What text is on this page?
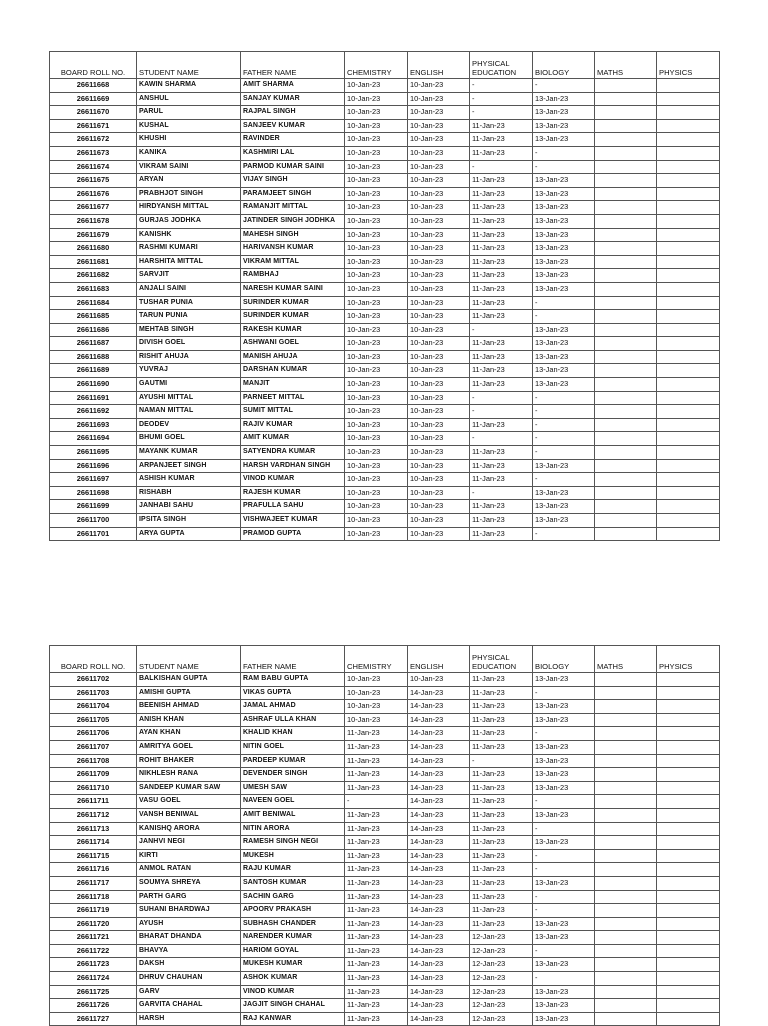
BOARD ROLL NO.	STUDENT NAME	FATHER NAME	CHEMISTRY	ENGLISH	PHYSICAL EDUCATION	BIOLOGY	MATHS	PHYSICS
26611668	KAWIN SHARMA	AMIT SHARMA	10-Jan-23	10-Jan-23	-	-		
26611669	ANSHUL	SANJAY KUMAR	10-Jan-23	10-Jan-23	-	13-Jan-23		
26611670	PARUL	RAJPAL SINGH	10-Jan-23	10-Jan-23	-	13-Jan-23		
26611671	KUSHAL	SANJEEV KUMAR	10-Jan-23	10-Jan-23	11-Jan-23	13-Jan-23		
26611672	KHUSHI	RAVINDER	10-Jan-23	10-Jan-23	11-Jan-23	13-Jan-23		
26611673	KANIKA	KASHMIRI LAL	10-Jan-23	10-Jan-23	11-Jan-23	-		
26611674	VIKRAM SAINI	PARMOD KUMAR SAINI	10-Jan-23	10-Jan-23	-	-		
26611675	ARYAN	VIJAY SINGH	10-Jan-23	10-Jan-23	11-Jan-23	13-Jan-23		
26611676	PRABHJOT SINGH	PARAMJEET SINGH	10-Jan-23	10-Jan-23	11-Jan-23	13-Jan-23		
26611677	HIRDYANSH MITTAL	RAMANJIT MITTAL	10-Jan-23	10-Jan-23	11-Jan-23	13-Jan-23		
26611678	GURJAS JODHKA	JATINDER SINGH JODHKA	10-Jan-23	10-Jan-23	11-Jan-23	13-Jan-23		
26611679	KANISHK	MAHESH SINGH	10-Jan-23	10-Jan-23	11-Jan-23	13-Jan-23		
26611680	RASHMI KUMARI	HARIVANSH KUMAR	10-Jan-23	10-Jan-23	11-Jan-23	13-Jan-23		
26611681	HARSHITA MITTAL	VIKRAM MITTAL	10-Jan-23	10-Jan-23	11-Jan-23	13-Jan-23		
26611682	SARVJIT	RAMBHAJ	10-Jan-23	10-Jan-23	11-Jan-23	13-Jan-23		
26611683	ANJALI SAINI	NARESH KUMAR SAINI	10-Jan-23	10-Jan-23	11-Jan-23	13-Jan-23		
26611684	TUSHAR PUNIA	SURINDER KUMAR	10-Jan-23	10-Jan-23	11-Jan-23	-		
26611685	TARUN PUNIA	SURINDER KUMAR	10-Jan-23	10-Jan-23	11-Jan-23	-		
26611686	MEHTAB SINGH	RAKESH KUMAR	10-Jan-23	10-Jan-23	-	13-Jan-23		
26611687	DIVISH GOEL	ASHWANI GOEL	10-Jan-23	10-Jan-23	11-Jan-23	13-Jan-23		
26611688	RISHIT AHUJA	MANISH AHUJA	10-Jan-23	10-Jan-23	11-Jan-23	13-Jan-23		
26611689	YUVRAJ	DARSHAN KUMAR	10-Jan-23	10-Jan-23	11-Jan-23	13-Jan-23		
26611690	GAUTMI	MANJIT	10-Jan-23	10-Jan-23	11-Jan-23	13-Jan-23		
26611691	AYUSHI MITTAL	PARNEET MITTAL	10-Jan-23	10-Jan-23	-	-		
26611692	NAMAN MITTAL	SUMIT MITTAL	10-Jan-23	10-Jan-23	-	-		
26611693	DEODEV	RAJIV KUMAR	10-Jan-23	10-Jan-23	11-Jan-23	-		
26611694	BHUMI GOEL	AMIT KUMAR	10-Jan-23	10-Jan-23	-	-		
26611695	MAYANK KUMAR	SATYENDRA KUMAR	10-Jan-23	10-Jan-23	11-Jan-23	-		
26611696	ARPANJEET SINGH	HARSH VARDHAN SINGH	10-Jan-23	10-Jan-23	11-Jan-23	13-Jan-23		
26611697	ASHISH KUMAR	VINOD KUMAR	10-Jan-23	10-Jan-23	11-Jan-23	-		
26611698	RISHABH	RAJESH KUMAR	10-Jan-23	10-Jan-23	-	13-Jan-23		
26611699	JANHABI SAHU	PRAFULLA SAHU	10-Jan-23	10-Jan-23	11-Jan-23	13-Jan-23		
26611700	IPSITA SINGH	VISHWAJEET KUMAR	10-Jan-23	10-Jan-23	11-Jan-23	13-Jan-23		
26611701	ARYA GUPTA	PRAMOD GUPTA	10-Jan-23	10-Jan-23	11-Jan-23	-		
BOARD ROLL NO.	STUDENT NAME	FATHER NAME	CHEMISTRY	ENGLISH	PHYSICAL EDUCATION	BIOLOGY	MATHS	PHYSICS
26611702	BALKISHAN GUPTA	RAM BABU GUPTA	10-Jan-23	10-Jan-23	11-Jan-23	13-Jan-23		
26611703	AMISHI GUPTA	VIKAS GUPTA	10-Jan-23	14-Jan-23	11-Jan-23	-		
26611704	BEENISH AHMAD	JAMAL AHMAD	10-Jan-23	14-Jan-23	11-Jan-23	13-Jan-23		
26611705	ANISH KHAN	ASHRAF ULLA KHAN	10-Jan-23	14-Jan-23	11-Jan-23	13-Jan-23		
26611706	AYAN KHAN	KHALID KHAN	11-Jan-23	14-Jan-23	11-Jan-23	-		
26611707	AMRITYA GOEL	NITIN GOEL	11-Jan-23	14-Jan-23	11-Jan-23	13-Jan-23		
26611708	ROHIT BHAKER	PARDEEP KUMAR	11-Jan-23	14-Jan-23	-	13-Jan-23		
26611709	NIKHLESH RANA	DEVENDER SINGH	11-Jan-23	14-Jan-23	11-Jan-23	13-Jan-23		
26611710	SANDEEP KUMAR SAW	UMESH SAW	11-Jan-23	14-Jan-23	11-Jan-23	13-Jan-23		
26611711	VASU GOEL	NAVEEN GOEL	-	14-Jan-23	11-Jan-23	-		
26611712	VANSH BENIWAL	AMIT BENIWAL	11-Jan-23	14-Jan-23	11-Jan-23	13-Jan-23		
26611713	KANISHQ ARORA	NITIN ARORA	11-Jan-23	14-Jan-23	11-Jan-23	-		
26611714	JANHVI NEGI	RAMESH SINGH NEGI	11-Jan-23	14-Jan-23	11-Jan-23	13-Jan-23		
26611715	KIRTI	MUKESH	11-Jan-23	14-Jan-23	11-Jan-23	-		
26611716	ANMOL RATAN	RAJU KUMAR	11-Jan-23	14-Jan-23	11-Jan-23	-		
26611717	SOUMYA SHREYA	SANTOSH KUMAR	11-Jan-23	14-Jan-23	11-Jan-23	13-Jan-23		
26611718	PARTH GARG	SACHIN GARG	11-Jan-23	14-Jan-23	11-Jan-23	-		
26611719	SUHANI BHARDWAJ	APOORV PRAKASH	11-Jan-23	14-Jan-23	11-Jan-23	-		
26611720	AYUSH	SUBHASH CHANDER	11-Jan-23	14-Jan-23	11-Jan-23	13-Jan-23		
26611721	BHARAT DHANDA	NARENDER KUMAR	11-Jan-23	14-Jan-23	12-Jan-23	13-Jan-23		
26611722	BHAVYA	HARIOM GOYAL	11-Jan-23	14-Jan-23	12-Jan-23	-		
26611723	DAKSH	MUKESH KUMAR	11-Jan-23	14-Jan-23	12-Jan-23	13-Jan-23		
26611724	DHRUV CHAUHAN	ASHOK KUMAR	11-Jan-23	14-Jan-23	12-Jan-23	-		
26611725	GARV	VINOD KUMAR	11-Jan-23	14-Jan-23	12-Jan-23	13-Jan-23		
26611726	GARVITA CHAHAL	JAGJIT SINGH CHAHAL	11-Jan-23	14-Jan-23	12-Jan-23	13-Jan-23		
26611727	HARSH	RAJ KANWAR	11-Jan-23	14-Jan-23	12-Jan-23	13-Jan-23		
